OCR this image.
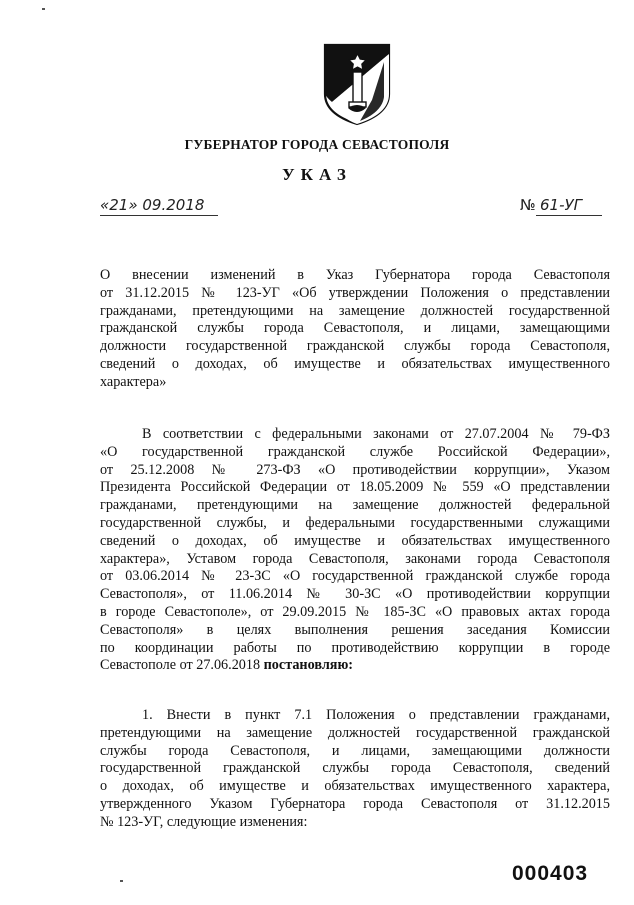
ГУБЕРНАТОР ГОРОДА СЕВАСТОПОЛЯ
УКАЗ
«21» 09.2018	№ 61-УГ
О внесении изменений в Указ Губернатора города Севастополя
от 31.12.2015 № 123-УГ «Об утверждении Положения о представлении
гражданами, претендующими на замещение должностей государственной
гражданской службы города Севастополя, и лицами, замещающими
должности государственной гражданской службы города Севастополя,
сведений о доходах, об имуществе и обязательствах имущественного
характера»
В соответствии с федеральными законами от 27.07.2004 № 79-ФЗ
«О государственной гражданской службе Российской Федерации»,
от 25.12.2008 № 273-ФЗ «О противодействии коррупции», Указом
Президента Российской Федерации от 18.05.2009 № 559 «О представлении
гражданами, претендующими на замещение должностей федеральной
государственной службы, и федеральными государственными служащими
сведений о доходах, об имуществе и обязательствах имущественного
характера», Уставом города Севастополя, законами города Севастополя
от 03.06.2014 № 23-ЗС «О государственной гражданской службе города
Севастополя», от 11.06.2014 № 30-ЗС «О противодействии коррупции
в городе Севастополе», от 29.09.2015 № 185-ЗС «О правовых актах города
Севастополя» в целях выполнения решения заседания Комиссии
по координации работы по противодействию коррупции в городе
Севастополе от 27.06.2018 постановляю:
1. Внести в пункт 7.1 Положения о представлении гражданами,
претендующими на замещение должностей государственной гражданской
службы города Севастополя, и лицами, замещающими должности
государственной гражданской службы города Севастополя, сведений
о доходах, об имуществе и обязательствах имущественного характера,
утвержденного Указом Губернатора города Севастополя от 31.12.2015
№ 123-УГ, следующие изменения:
000403
